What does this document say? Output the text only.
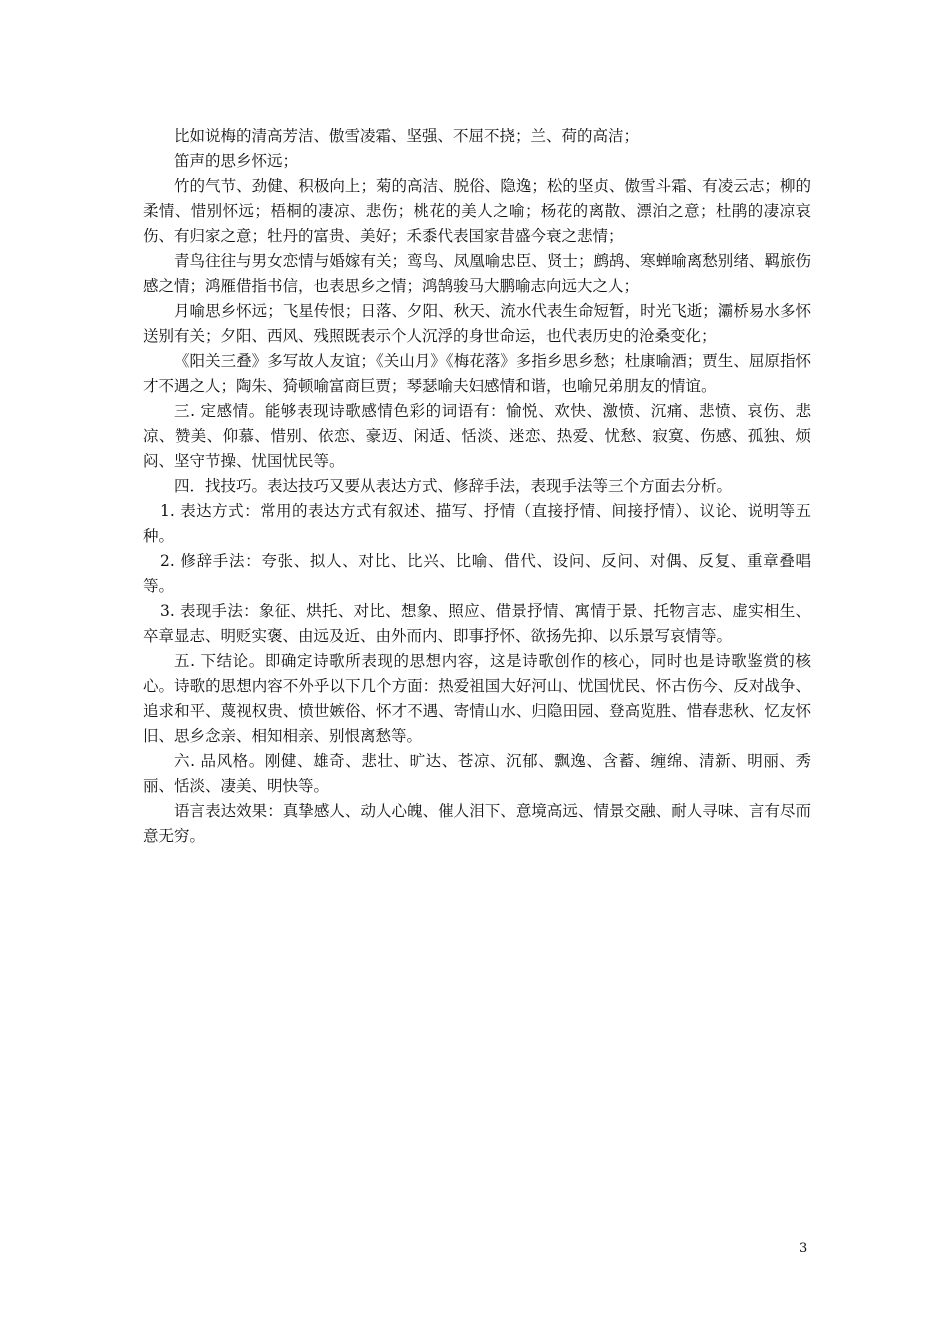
比如说梅的清高芳洁、傲雪凌霜、坚强、不屈不挠；兰、荷的高洁；

笛声的思乡怀远；

竹的气节、劲健、积极向上；菊的高洁、脱俗、隐逸；松的坚贞、傲雪斗霜、有凌云志；柳的柔情、惜别怀远；梧桐的凄凉、悲伤；桃花的美人之喻；杨花的离散、漂泊之意；杜鹃的凄凉哀伤、有归家之意；牡丹的富贵、美好；禾黍代表国家昔盛今衰之悲情；

青鸟往往与男女恋情与婚嫁有关；鸾鸟、凤凰喻忠臣、贤士；鹧鸪、寒蝉喻离愁别绪、羁旅伤感之情；鸿雁借指书信，也表思乡之情；鸿鹄骏马大鹏喻志向远大之人；

月喻思乡怀远；飞星传恨；日落、夕阳、秋天、流水代表生命短暂，时光飞逝；灞桥易水多怀送别有关；夕阳、西风、残照既表示个人沉浮的身世命运，也代表历史的沧桑变化；

《阳关三叠》多写故人友谊；《关山月》《梅花落》多指乡思乡愁；杜康喻酒；贾生、屈原指怀才不遇之人；陶朱、猗顿喻富商巨贾；琴瑟喻夫妇感情和谐，也喻兄弟朋友的情谊。

三. 定感情。能够表现诗歌感情色彩的词语有：愉悦、欢快、激愤、沉痛、悲愤、哀伤、悲凉、赞美、仰慕、惜别、依恋、豪迈、闲适、恬淡、迷恋、热爱、忧愁、寂寞、伤感、孤独、烦闷、坚守节操、忧国忧民等。

四．找技巧。表达技巧又要从表达方式、修辞手法，表现手法等三个方面去分析。

1. 表达方式：常用的表达方式有叙述、描写、抒情（直接抒情、间接抒情）、议论、说明等五种。

2. 修辞手法：夸张、拟人、对比、比兴、比喻、借代、设问、反问、对偶、反复、重章叠唱等。

3. 表现手法：象征、烘托、对比、想象、照应、借景抒情、寓情于景、托物言志、虚实相生、卒章显志、明贬实褒、由远及近、由外而内、即事抒怀、欲扬先抑、以乐景写哀情等。

五. 下结论。即确定诗歌所表现的思想内容，这是诗歌创作的核心，同时也是诗歌鉴赏的核心。诗歌的思想内容不外乎以下几个方面：热爱祖国大好河山、忧国忧民、怀古伤今、反对战争、追求和平、蔑视权贵、愤世嫉俗、怀才不遇、寄情山水、归隐田园、登高览胜、惜春悲秋、忆友怀旧、思乡念亲、相知相亲、别恨离愁等。

六. 品风格。刚健、雄奇、悲壮、旷达、苍凉、沉郁、飘逸、含蓄、缠绵、清新、明丽、秀丽、恬淡、凄美、明快等。

语言表达效果：真挚感人、动人心魄、催人泪下、意境高远、情景交融、耐人寻味、言有尽而意无穷。

3
